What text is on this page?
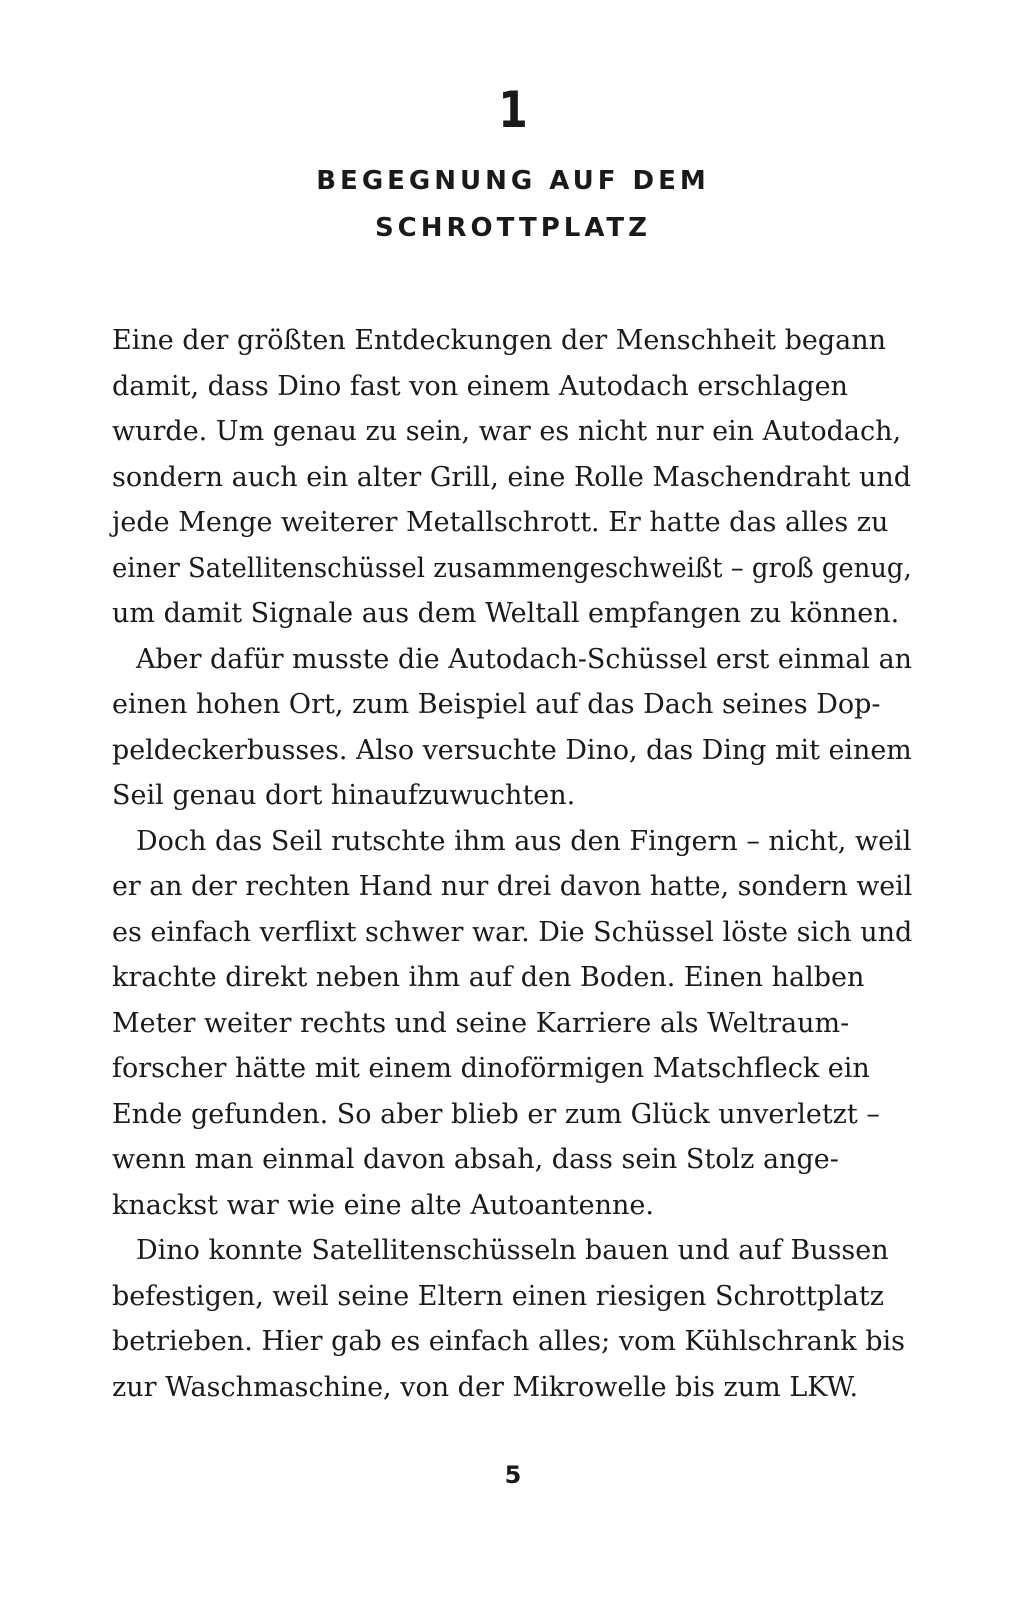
1
BEGEGNUNG AUF DEM
SCHROTTPLATZ
Eine der größten Entdeckungen der Menschheit begann
damit, dass Dino fast von einem Autodach erschlagen
wurde. Um genau zu sein, war es nicht nur ein Autodach,
sondern auch ein alter Grill, eine Rolle Maschendraht und
jede Menge weiterer Metallschrott. Er hatte das alles zu
einer Satellitenschüssel zusammengeschweißt – groß genug,
um damit Signale aus dem Weltall empfangen zu können.
Aber dafür musste die Autodach-Schüssel erst einmal an
einen hohen Ort, zum Beispiel auf das Dach seines Dop-
peldeckerbusses. Also versuchte Dino, das Ding mit einem
Seil genau dort hinaufzuwuchten.
Doch das Seil rutschte ihm aus den Fingern – nicht, weil
er an der rechten Hand nur drei davon hatte, sondern weil
es einfach verflixt schwer war. Die Schüssel löste sich und
krachte direkt neben ihm auf den Boden. Einen halben
Meter weiter rechts und seine Karriere als Weltraum-
forscher hätte mit einem dinoförmigen Matschfleck ein
Ende gefunden. So aber blieb er zum Glück unverletzt –
wenn man einmal davon absah, dass sein Stolz ange-
knackst war wie eine alte Autoantenne.
Dino konnte Satellitenschüsseln bauen und auf Bussen
befestigen, weil seine Eltern einen riesigen Schrottplatz
betrieben. Hier gab es einfach alles; vom Kühlschrank bis
zur Waschmaschine, von der Mikrowelle bis zum LKW.
5
